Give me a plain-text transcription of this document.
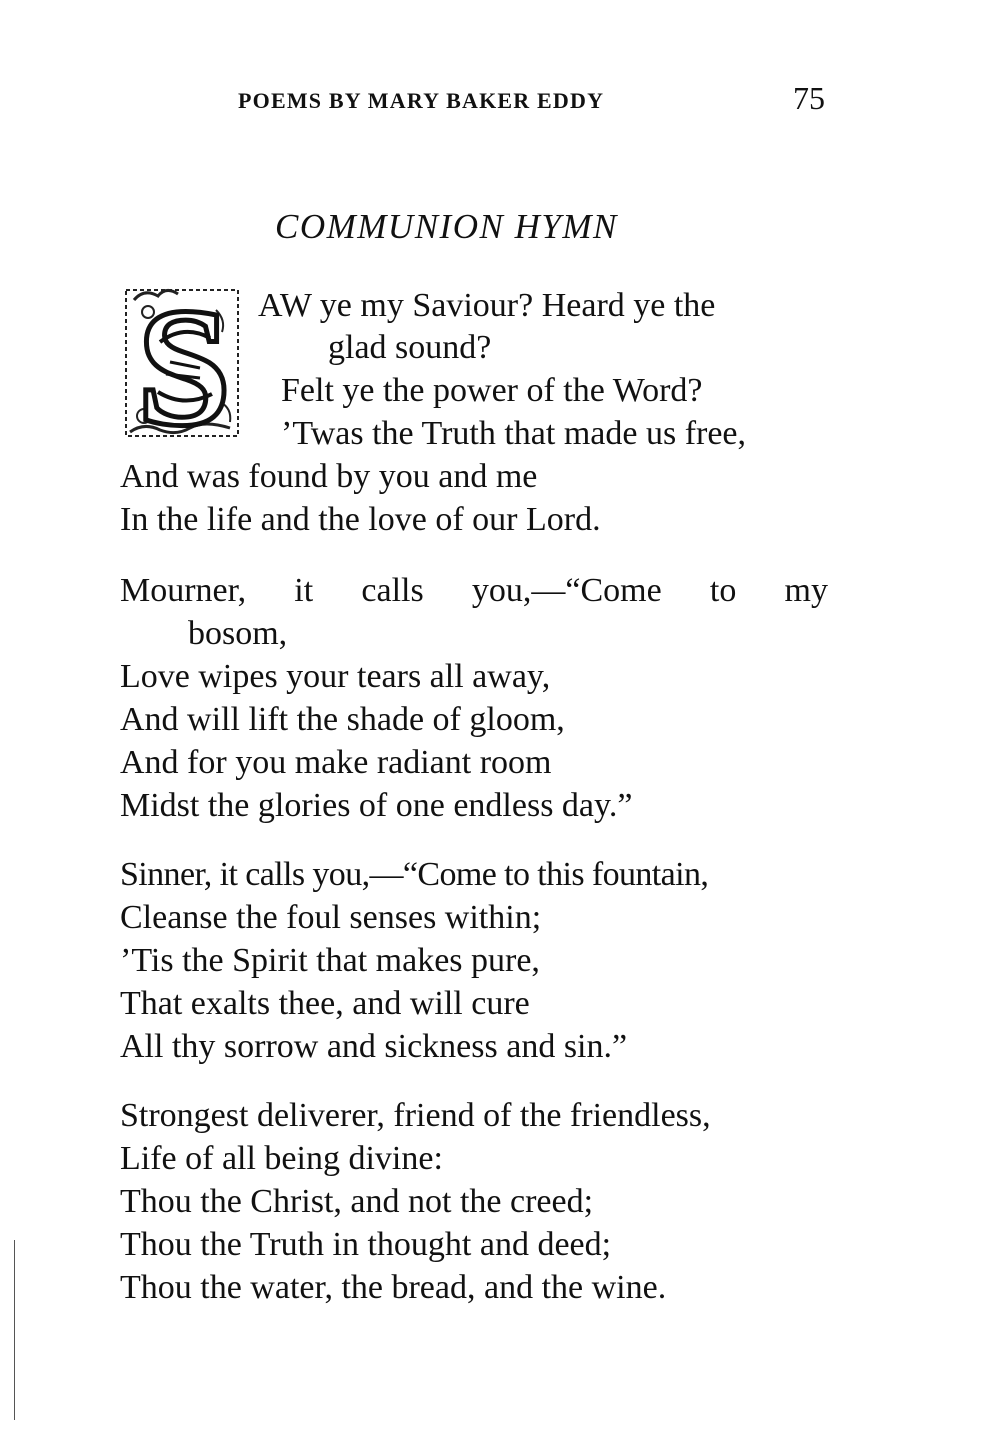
POEMS BY MARY BAKER EDDY	75
COMMUNION HYMN
S AW ye my Saviour? Heard ye the
glad sound?
Felt ye the power of the Word?
’Twas the Truth that made us free,
And was found by you and me
In the life and the love of our Lord.
Mourner, it calls you,—“Come to my
bosom,
Love wipes your tears all away,
And will lift the shade of gloom,
And for you make radiant room
Midst the glories of one endless day.”
Sinner, it calls you,—“Come to this fountain,
Cleanse the foul senses within;
’Tis the Spirit that makes pure,
That exalts thee, and will cure
All thy sorrow and sickness and sin.”
Strongest deliverer, friend of the friendless,
Life of all being divine:
Thou the Christ, and not the creed;
Thou the Truth in thought and deed;
Thou the water, the bread, and the wine.
